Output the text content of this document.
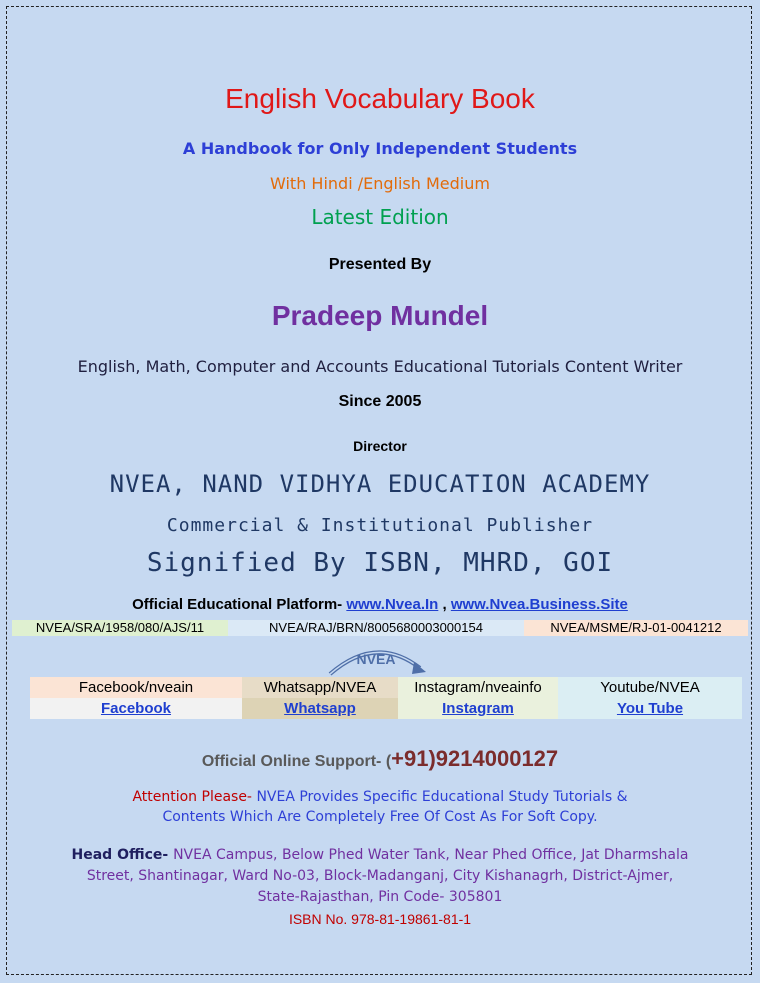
English Vocabulary Book
A Handbook for Only Independent Students
With Hindi /English Medium
Latest Edition
Presented By
Pradeep Mundel
English, Math, Computer and Accounts Educational Tutorials Content Writer
Since 2005
Director
NVEA, NAND VIDHYA EDUCATION ACADEMY
Commercial & Institutional Publisher
Signified By ISBN, MHRD, GOI
Official Educational Platform- www.Nvea.In , www.Nvea.Business.Site
NVEA/SRA/1958/080/AJS/11	NVEA/RAJ/BRN/8005680003000154	NVEA/MSME/RJ-01-0041212
NVEA
Facebook/nveain
Facebook
Whatsapp/NVEA
Whatsapp
Instagram/nveainfo
Instagram
Youtube/NVEA
You Tube
Official Online Support- (+91)9214000127
Attention Please- NVEA Provides Specific Educational Study Tutorials &
Contents Which Are Completely Free Of Cost As For Soft Copy.
Head Office- NVEA Campus, Below Phed Water Tank, Near Phed Office, Jat Dharmshala
Street, Shantinagar, Ward No-03, Block-Madanganj, City Kishanagrh, District-Ajmer,
State-Rajasthan, Pin Code- 305801
ISBN No. 978-81-19861-81-1
